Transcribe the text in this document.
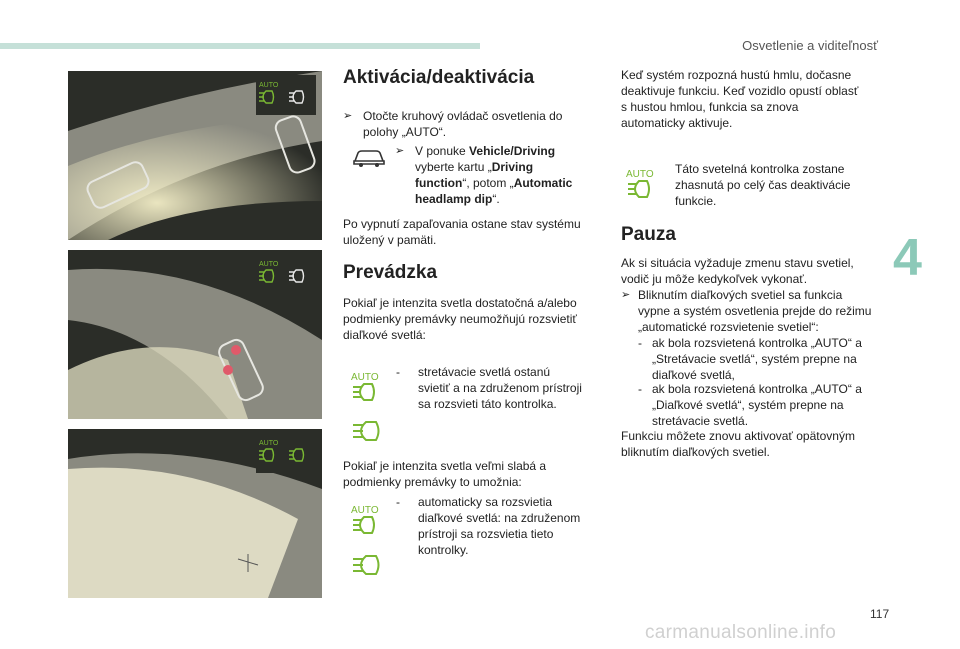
Osvetlenie a viditeľnosť
4
117
carmanualsonline.info
AUTO
AUTO
AUTO
Aktivácia/deaktivácia
➢ Otočte kruhový ovládač osvetlenia do polohy „AUTO“.
➢ V ponuke Vehicle/Driving vyberte kartu „Driving function“, potom „Automatic headlamp dip“.
Po vypnutí zapaľovania ostane stav systému uložený v pamäti.
Prevádzka
Pokiaľ je intenzita svetla dostatočná a/alebo podmienky premávky neumožňujú rozsvietiť diaľkové svetlá:
AUTO -	stretávacie svetlá ostanú svietiť a na združenom prístroji sa rozsvieti táto kontrolka.
Pokiaľ je intenzita svetla veľmi slabá a podmienky premávky to umožnia:
AUTO
-	automaticky sa rozsvietia diaľkové svetlá: na združenom prístroji sa rozsvietia tieto kontrolky.
Keď systém rozpozná hustú hmlu, dočasne deaktivuje funkciu. Keď vozidlo opustí oblasť s hustou hmlou, funkcia sa znova automaticky aktivuje.
AUTO Táto svetelná kontrolka zostane zhasnutá po celý čas deaktivácie funkcie.
Pauza
Ak si situácia vyžaduje zmenu stavu svetiel, vodič ju môže kedykoľvek vykonať.
➢ Bliknutím diaľkových svetiel sa funkcia vypne a systém osvetlenia prejde do režimu „automatické rozsvietenie svetiel“:
- ak bola rozsvietená kontrolka „AUTO“ a „Stretávacie svetlá“, systém prepne na diaľkové svetlá,
- ak bola rozsvietená kontrolka „AUTO“ a „Diaľkové svetlá“, systém prepne na stretávacie svetlá.
Funkciu môžete znovu aktivovať opätovným bliknutím diaľkových svetiel.
